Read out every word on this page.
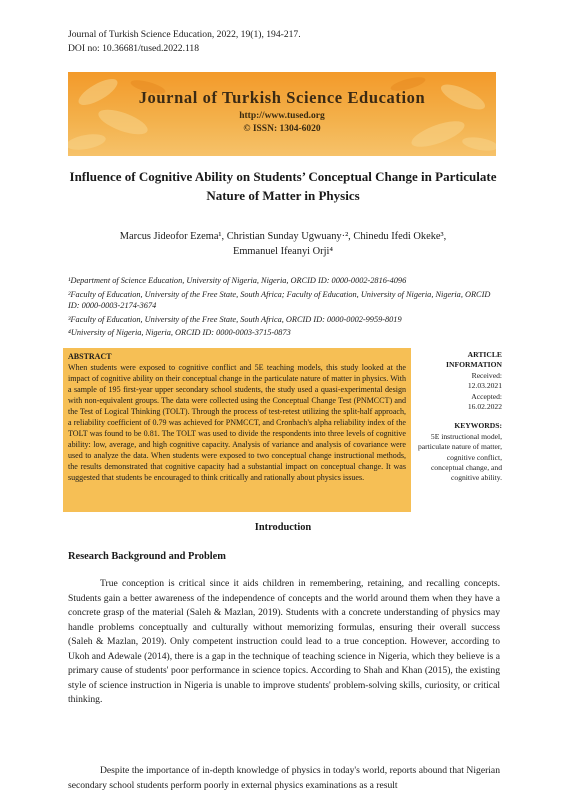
Journal of Turkish Science Education, 2022, 19(1), 194-217.
DOI no: 10.36681/tused.2022.118
Journal of Turkish Science Education
http://www.tused.org
© ISSN: 1304-6020
Influence of Cognitive Ability on Students’ Conceptual Change in Particulate Nature of Matter in Physics
Marcus Jideofor Ezema¹, Christian Sunday Ugwuany·², Chinedu Ifedi Okeke³,
Emmanuel Ifeanyi Orji⁴
¹Department of Science Education, University of Nigeria, Nigeria, ORCID ID: 0000-0002-2816-4096
²Faculty of Education, University of the Free State, South Africa; Faculty of Education, University of Nigeria, Nigeria, ORCID ID: 0000-0003-2174-3674
³Faculty of Education, University of the Free State, South Africa, ORCID ID: 0000-0002-9959-8019
⁴University of Nigeria, Nigeria, ORCID ID: 0000-0003-3715-0873
ABSTRACT
When students were exposed to cognitive conflict and 5E teaching models, this study looked at the impact of cognitive ability on their conceptual change in the particulate nature of matter in physics. With a sample of 195 first-year upper secondary school students, the study used a quasi-experimental design with non-equivalent groups. The data were collected using the Conceptual Change Test (PNMCCT) and the Test of Logical Thinking (TOLT). Through the process of test-retest utilizing the split-half approach, a reliability coefficient of 0.79 was achieved for PNMCCT, and Cronbach's alpha reliability index of the TOLT was found to be 0.81. The TOLT was used to divide the respondents into three levels of cognitive ability: low, average, and high cognitive capacity. Analysis of variance and analysis of covariance were used to analyze the data. When students were exposed to two conceptual change instructional methods, the results demonstrated that cognitive capacity had a substantial impact on conceptual change. It was suggested that students be encouraged to think critically and rationally about physics issues.
ARTICLE INFORMATION
Received:
12.03.2021
Accepted:
16.02.2022
KEYWORDS:
5E instructional model, particulate nature of matter, cognitive conflict, conceptual change, and cognitive ability.
Introduction
Research Background and Problem
True conception is critical since it aids children in remembering, retaining, and recalling concepts. Students gain a better awareness of the independence of concepts and the world around them when they have a concrete grasp of the material (Saleh & Mazlan, 2019). Students with a concrete understanding of physics may handle problems conceptually and culturally without memorizing formulas, ensuring their overall success (Saleh & Mazlan, 2019). Only competent instruction could lead to a true conception. However, according to Ukoh and Adewale (2014), there is a gap in the technique of teaching science in Nigeria, which they believe is a primary cause of students' poor performance in science topics. According to Shah and Khan (2015), the existing style of science instruction in Nigeria is unable to improve students' problem-solving skills, curiosity, or critical thinking.
Despite the importance of in-depth knowledge of physics in today's world, reports abound that Nigerian secondary school students perform poorly in external physics examinations as a result
